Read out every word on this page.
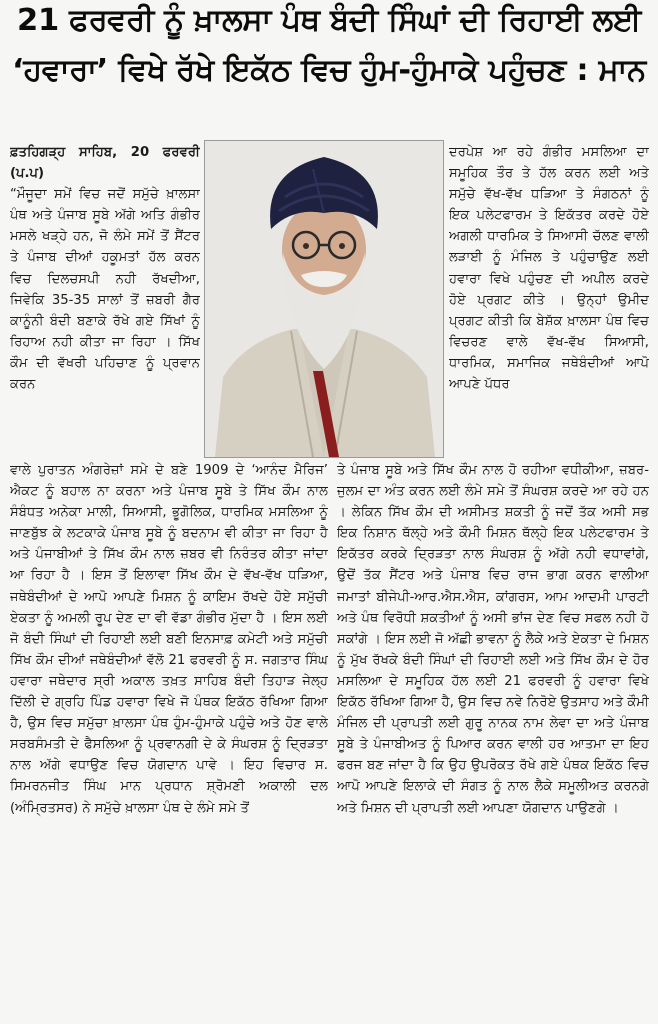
21 ਫਰਵਰੀ ਨੂੰ ਖ਼ਾਲਸਾ ਪੰਥ ਬੰਦੀ ਸਿੰਘਾਂ ਦੀ ਰਿਹਾਈ ਲਈ
‘ਹਵਾਰਾ’ ਵਿਖੇ ਰੱਖੇ ਇਕੱਠ ਵਿਚ ਹੁੰਮ-ਹੁੰਮਾਕੇ ਪਹੁੰਚਣ : ਮਾਨ

ਫ਼ਤਹਿਗੜ੍ਹ ਸਾਹਿਬ, 20 ਫਰਵਰੀ (ਪ.ਪ)

“ਮੌਜੂਦਾ ਸਮੇਂ ਵਿਚ ਜਦੋਂ ਸਮੁੱਚੇ ਖ਼ਾਲਸਾ ਪੰਥ ਅਤੇ ਪੰਜਾਬ ਸੂਬੇ ਅੱਗੇ ਅਤਿ ਗੰਭੀਰ ਮਸਲੇ ਖੜ੍ਹੇ ਹਨ, ਜੋ ਲੰਮੇ ਸਮੇਂ ਤੋਂ ਸੈਂਟਰ ਤੇ ਪੰਜਾਬ ਦੀਆਂ ਹਕੂਮਤਾਂ ਹੱਲ ਕਰਨ ਵਿਚ ਦਿਲਚਸਪੀ ਨਹੀ ਰੱਖਦੀਆ, ਜਿਵੇਕਿ 35-35 ਸਾਲਾਂ ਤੋਂ ਜ਼ਬਰੀ ਗੈਰ ਕਾਨੂੰਨੀ ਬੰਦੀ ਬਣਾਕੇ ਰੱਖੇ ਗਏ ਸਿੱਖਾਂ ਨੂੰ ਰਿਹਾਅ ਨਹੀ ਕੀਤਾ ਜਾ ਰਿਹਾ । ਸਿੱਖ ਕੌਮ ਦੀ ਵੱਖਰੀ ਪਹਿਚਾਣ ਨੂੰ ਪ੍ਰਵਾਨ ਕਰਨ

ਦਰਪੇਸ਼ ਆ ਰਹੇ ਗੰਭੀਰ ਮਸਲਿਆ ਦਾ ਸਮੂਹਿਕ ਤੌਰ ਤੇ ਹੱਲ ਕਰਨ ਲਈ ਅਤੇ ਸਮੁੱਚੇ ਵੱਖ-ਵੱਖ ਧੜਿਆ ਤੇ ਸੰਗਠਨਾਂ ਨੂੰ ਇਕ ਪਲੇਟਫਾਰਮ ਤੇ ਇਕੱਤਰ ਕਰਦੇ ਹੋਏ ਅਗਲੀ ਧਾਰਮਿਕ ਤੇ ਸਿਆਸੀ ਚੱਲਣ ਵਾਲੀ ਲੜਾਈ ਨੂੰ ਮੰਜਿਲ ਤੇ ਪਹੁੰਚਾਉਣ ਲਈ ਹਵਾਰਾ ਵਿਖੇ ਪਹੁੰਚਣ ਦੀ ਅਪੀਲ ਕਰਦੇ ਹੋਏ ਪ੍ਰਗਟ ਕੀਤੇ । ਉਨ੍ਹਾਂ ਉਮੀਦ ਪ੍ਰਗਟ ਕੀਤੀ ਕਿ ਬੇਸ਼ੱਕ ਖ਼ਾਲਸਾ ਪੰਥ ਵਿਚ ਵਿਚਰਣ ਵਾਲੇ ਵੱਖ-ਵੱਖ ਸਿਆਸੀ, ਧਾਰਮਿਕ, ਸਮਾਜਿਕ ਜਥੇਬੰਦੀਆਂ ਆਪੋ ਆਪਣੇ ਪੱਧਰ

ਵਾਲੇ ਪੁਰਾਤਨ ਅੰਗਰੇਜ਼ਾਂ ਸਮੇ ਦੇ ਬਣੇ 1909 ਦੇ ‘ਆਨੰਦ ਮੈਰਿਜ’ ਐਕਟ ਨੂੰ ਬਹਾਲ ਨਾ ਕਰਨਾ ਅਤੇ ਪੰਜਾਬ ਸੂਬੇ ਤੇ ਸਿੱਖ ਕੌਮ ਨਾਲ ਸੰਬੰਧਤ ਅਨੇਕਾ ਮਾਲੀ, ਸਿਆਸੀ, ਭੂਗੋਲਿਕ, ਧਾਰਮਿਕ ਮਸਲਿਆ ਨੂੰ ਜਾਣਬੁੱਝ ਕੇ ਲਟਕਾਕੇ ਪੰਜਾਬ ਸੂਬੇ ਨੂੰ ਬਦਨਾਮ ਵੀ ਕੀਤਾ ਜਾ ਰਿਹਾ ਹੈ ਅਤੇ ਪੰਜਾਬੀਆਂ ਤੇ ਸਿੱਖ ਕੌਮ ਨਾਲ ਜ਼ਬਰ ਵੀ ਨਿਰੰਤਰ ਕੀਤਾ ਜਾਂਦਾ ਆ ਰਿਹਾ ਹੈ । ਇਸ ਤੋਂ ਇਲਾਵਾ ਸਿੱਖ ਕੌਮ ਦੇ ਵੱਖ-ਵੱਖ ਧੜਿਆ, ਜਥੇਬੰਦੀਆਂ ਦੇ ਆਪੋ ਆਪਣੇ ਮਿਸ਼ਨ ਨੂੰ ਕਾਇਮ ਰੱਖਦੇ ਹੋਏ ਸਮੁੱਚੀ ਏਕਤਾ ਨੂੰ ਅਮਲੀ ਰੂਪ ਦੇਣ ਦਾ ਵੀ ਵੱਡਾ ਗੰਭੀਰ ਮੁੱਦਾ ਹੈ । ਇਸ ਲਈ ਜੋ ਬੰਦੀ ਸਿੰਘਾਂ ਦੀ ਰਿਹਾਈ ਲਈ ਬਣੀ ਇਨਸਾਫ਼ ਕਮੇਟੀ ਅਤੇ ਸਮੁੱਚੀ ਸਿੱਖ ਕੌਮ ਦੀਆਂ ਜਥੇਬੰਦੀਆਂ ਵੱਲੋ 21 ਫਰਵਰੀ ਨੂੰ ਸ. ਜਗਤਾਰ ਸਿੰਘ ਹਵਾਰਾ ਜਥੇਦਾਰ ਸ੍ਰੀ ਅਕਾਲ ਤਖ਼ਤ ਸਾਹਿਬ ਬੰਦੀ ਤਿਹਾੜ ਜੇਲ੍ਹ ਦਿੱਲੀ ਦੇ ਗ੍ਰਹਿ ਪਿੰਡ ਹਵਾਰਾ ਵਿਖੇ ਜੋ ਪੰਥਕ ਇਕੱਠ ਰੱਖਿਆ ਗਿਆ ਹੈ, ਉਸ ਵਿਚ ਸਮੁੱਚਾ ਖ਼ਾਲਸਾ ਪੰਥ ਹੁੰਮ-ਹੁੰਮਾਕੇ ਪਹੁੰਚੇ ਅਤੇ ਹੋਣ ਵਾਲੇ ਸਰਬਸੰਮਤੀ ਦੇ ਫੈਸਲਿਆ ਨੂੰ ਪ੍ਰਵਾਨਗੀ ਦੇ ਕੇ ਸੰਘਰਸ਼ ਨੂੰ ਦ੍ਰਿੜਤਾ ਨਾਲ ਅੱਗੇ ਵਧਾਉਣ ਵਿਚ ਯੋਗਦਾਨ ਪਾਵੇ । ਇਹ ਵਿਚਾਰ ਸ. ਸਿਮਰਨਜੀਤ ਸਿੰਘ ਮਾਨ ਪ੍ਰਧਾਨ ਸ਼੍ਰੋਮਣੀ ਅਕਾਲੀ ਦਲ (ਅੰਮ੍ਰਿਤਸਰ) ਨੇ ਸਮੁੱਚੇ ਖ਼ਾਲਸਾ ਪੰਥ ਦੇ ਲੰਮੇ ਸਮੇ ਤੋਂ

ਤੇ ਪੰਜਾਬ ਸੂਬੇ ਅਤੇ ਸਿੱਖ ਕੌਮ ਨਾਲ ਹੋ ਰਹੀਆ ਵਧੀਕੀਆ, ਜ਼ਬਰ-ਜੁਲਮ ਦਾ ਅੰਤ ਕਰਨ ਲਈ ਲੰਮੇ ਸਮੇ ਤੋਂ ਸੰਘਰਸ਼ ਕਰਦੇ ਆ ਰਹੇ ਹਨ । ਲੇਕਿਨ ਸਿੱਖ ਕੌਮ ਦੀ ਅਸੀਮਤ ਸ਼ਕਤੀ ਨੂੰ ਜਦੋਂ ਤੱਕ ਅਸੀ ਸਭ ਇਕ ਨਿਸ਼ਾਨ ਥੱਲ੍ਹੇ ਅਤੇ ਕੌਮੀ ਮਿਸ਼ਨ ਥੱਲ੍ਹੇ ਇਕ ਪਲੇਟਫਾਰਮ ਤੇ ਇਕੱਤਰ ਕਰਕੇ ਦ੍ਰਿੜਤਾ ਨਾਲ ਸੰਘਰਸ਼ ਨੂੰ ਅੱਗੇ ਨਹੀ ਵਧਾਵਾਂਗੇ, ਉਦੋਂ ਤੱਕ ਸੈਂਟਰ ਅਤੇ ਪੰਜਾਬ ਵਿਚ ਰਾਜ ਭਾਗ ਕਰਨ ਵਾਲੀਆ ਜਮਾਤਾਂ ਬੀਜੇਪੀ-ਆਰ.ਐਸ.ਐਸ, ਕਾਂਗਰਸ, ਆਮ ਆਦਮੀ ਪਾਰਟੀ ਅਤੇ ਪੰਥ ਵਿਰੋਧੀ ਸ਼ਕਤੀਆਂ ਨੂੰ ਅਸੀ ਭਾਂਜ ਦੇਣ ਵਿਚ ਸਫਲ ਨਹੀ ਹੋ ਸਕਾਂਗੇ । ਇਸ ਲਈ ਜੋ ਅੱਛੀ ਭਾਵਨਾ ਨੂੰ ਲੈਕੇ ਅਤੇ ਏਕਤਾ ਦੇ ਮਿਸ਼ਨ ਨੂੰ ਮੁੱਖ ਰੱਖਕੇ ਬੰਦੀ ਸਿੰਘਾਂ ਦੀ ਰਿਹਾਈ ਲਈ ਅਤੇ ਸਿੱਖ ਕੌਮ ਦੇ ਹੋਰ ਮਸਲਿਆ ਦੇ ਸਮੂਹਿਕ ਹੱਲ ਲਈ 21 ਫਰਵਰੀ ਨੂੰ ਹਵਾਰਾ ਵਿਖੇ ਇਕੱਠ ਰੱਖਿਆ ਗਿਆ ਹੈ, ਉਸ ਵਿਚ ਨਵੇ ਨਿਰੋਏ ਉਤਸਾਹ ਅਤੇ ਕੌਮੀ ਮੰਜਿਲ ਦੀ ਪ੍ਰਾਪਤੀ ਲਈ ਗੁਰੂ ਨਾਨਕ ਨਾਮ ਲੇਵਾ ਦਾ ਅਤੇ ਪੰਜਾਬ ਸੂਬੇ ਤੇ ਪੰਜਾਬੀਅਤ ਨੂੰ ਪਿਆਰ ਕਰਨ ਵਾਲੀ ਹਰ ਆਤਮਾ ਦਾ ਇਹ ਫਰਜ ਬਣ ਜਾਂਦਾ ਹੈ ਕਿ ਉਹ ਉਪਰੋਕਤ ਰੱਖੇ ਗਏ ਪੰਥਕ ਇਕੱਠ ਵਿਚ ਆਪੋ ਆਪਣੇ ਇਲਾਕੇ ਦੀ ਸੰਗਤ ਨੂੰ ਨਾਲ ਲੈਕੇ ਸਮੂਲੀਅਤ ਕਰਨਗੇ ਅਤੇ ਮਿਸ਼ਨ ਦੀ ਪ੍ਰਾਪਤੀ ਲਈ ਆਪਣਾ ਯੋਗਦਾਨ ਪਾਉਣਗੇ ।
